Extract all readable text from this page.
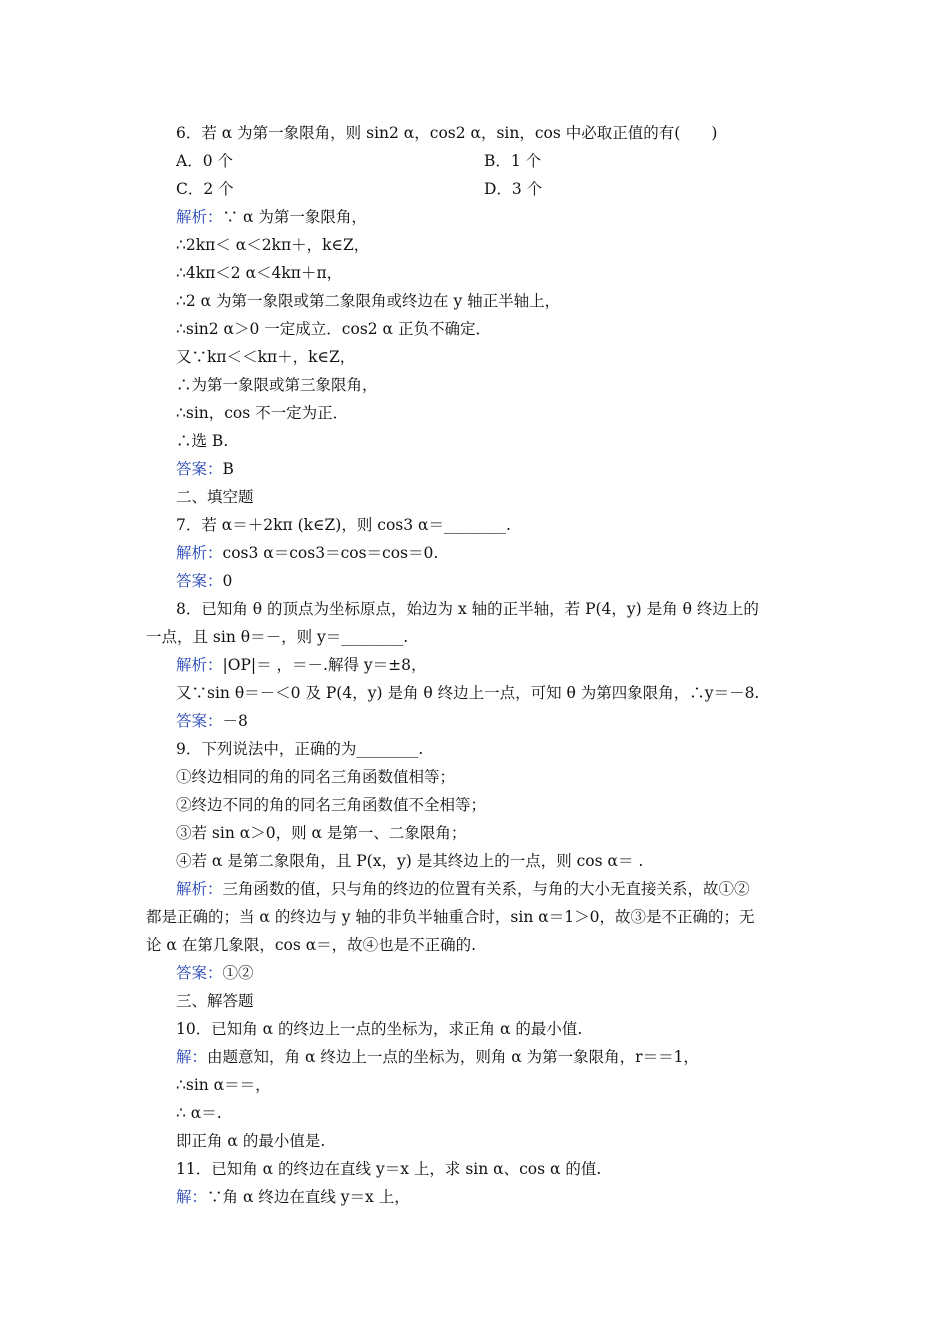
6．若 α 为第一象限角，则 sin2 α，cos2 α，sin，cos 中必取正值的有(　　)
A．0 个	B．1 个
C．2 个	D．3 个
解析：∵ α 为第一象限角，
∴2kπ＜ α＜2kπ＋，k∈Z，
∴4kπ＜2 α＜4kπ＋π，
∴2 α 为第一象限或第二象限角或终边在 y 轴正半轴上，
∴sin2 α＞0 一定成立．cos2 α 正负不确定．
又∵kπ＜＜kπ＋，k∈Z，
∴为第一象限或第三象限角，
∴sin，cos 不一定为正．
∴选 B.
答案：B
二、填空题
7．若 α＝＋2kπ (k∈Z)，则 cos3 α＝________.
解析：cos3 α＝cos3＝cos＝cos＝0.
答案：0
8．已知角 θ 的顶点为坐标原点，始边为 x 轴的正半轴，若 P(4，y) 是角 θ 终边上的
一点，且 sin θ＝－，则 y＝________.
解析：|OP|＝ ，＝－.解得 y＝±8，
又∵sin θ＝－＜0 及 P(4，y) 是角 θ 终边上一点，可知 θ 为第四象限角，∴y＝－8.
答案：－8
9．下列说法中，正确的为________.
①终边相同的角的同名三角函数值相等；
②终边不同的角的同名三角函数值不全相等；
③若 sin α＞0，则 α 是第一、二象限角；
④若 α 是第二象限角，且 P(x，y) 是其终边上的一点，则 cos α＝ .
解析：三角函数的值，只与角的终边的位置有关系，与角的大小无直接关系，故①②
都是正确的；当 α 的终边与 y 轴的非负半轴重合时，sin α＝1＞0，故③是不正确的；无
论 α 在第几象限，cos α＝，故④也是不正确的.
答案：①②
三、解答题
10．已知角 α 的终边上一点的坐标为，求正角 α 的最小值.
解：由题意知，角 α 终边上一点的坐标为，则角 α 为第一象限角，r＝＝1，
∴sin α＝＝，
∴ α＝.
即正角 α 的最小值是.
11．已知角 α 的终边在直线 y＝x 上，求 sin α、cos α 的值.
解：∵角 α 终边在直线 y＝x 上，
